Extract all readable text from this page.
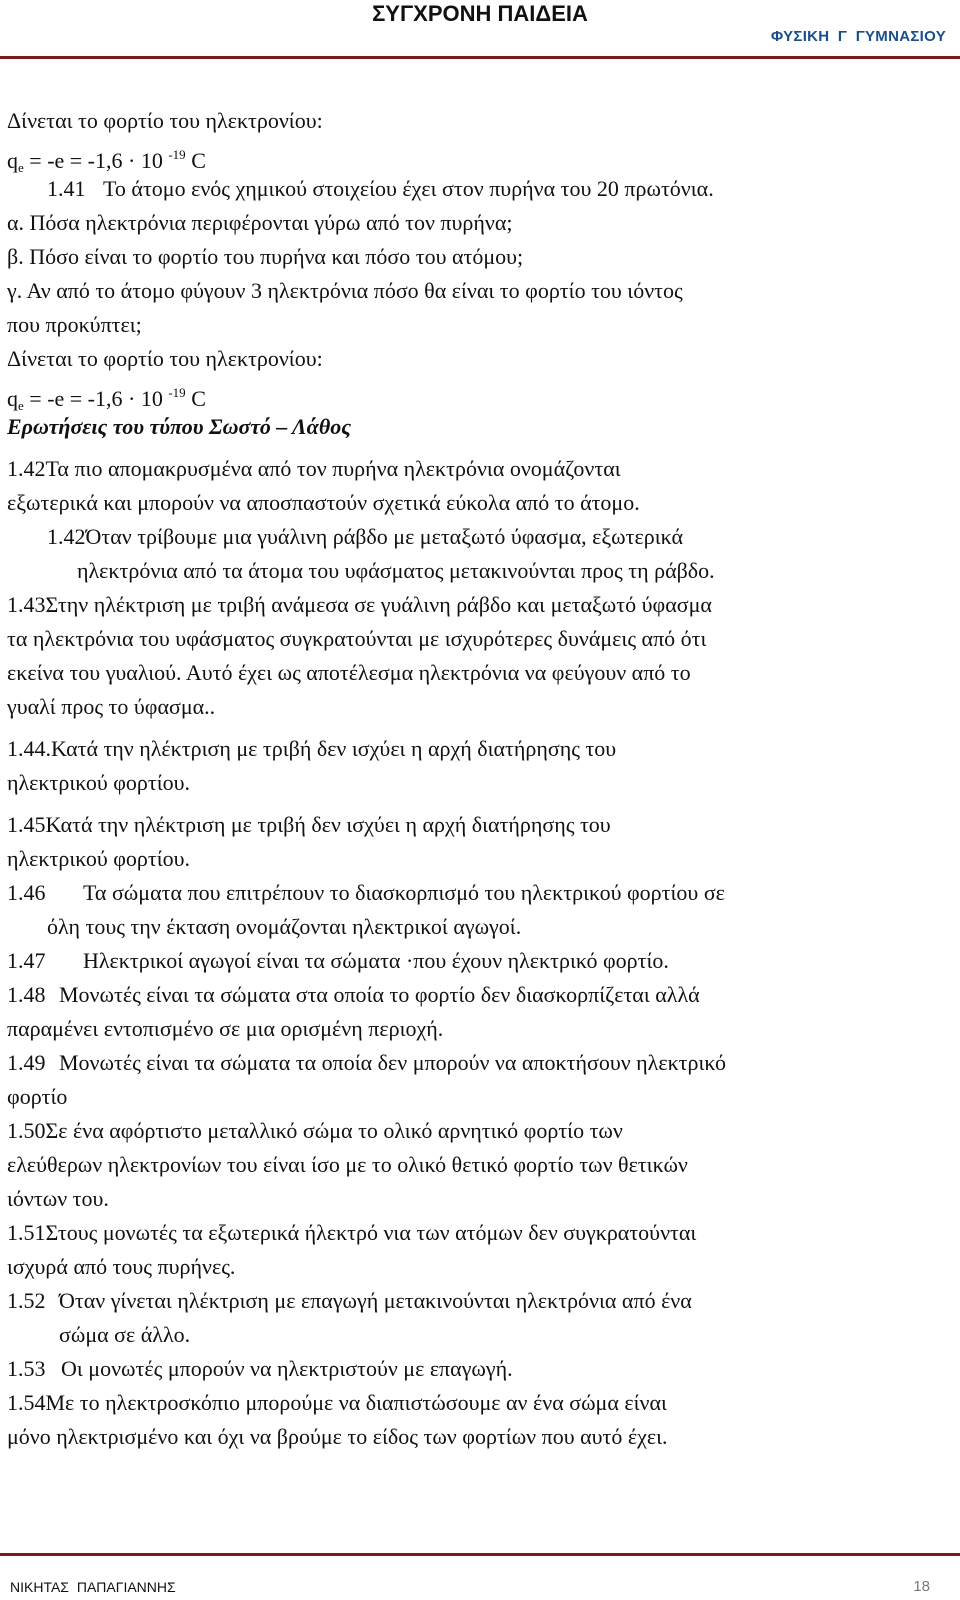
ΣΥΓΧΡΟΝΗ ΠΑΙΔΕΙΑ
ΦΥΣΙΚΗ Γ ΓΥΜΝΑΣΙΟΥ
Δίνεται το φορτίο του ηλεκτρονίου:
$q_e = -e = -1,6 \cdot 10$ $^{-19}$ C
1.41 Το άτομο ενός χημικού στοιχείου έχει στον πυρήνα του 20 πρωτόνια.
α. Πόσα ηλεκτρόνια περιφέρονται γύρω από τον πυρήνα;
β. Πόσο είναι το φορτίο του πυρήνα και πόσο του ατόμου;
γ. Αν από το άτομο φύγουν 3 ηλεκτρόνια πόσο θα είναι το φορτίο του ιόντος
που προκύπτει;
Δίνεται το φορτίο του ηλεκτρονίου:
$q_e = -e = -1,6 \cdot 10$ $^{-19}$ C
Ερωτήσεις του τύπου Σωστό – Λάθος
1.42Τα πιο απομακρυσμένα από τον πυρήνα ηλεκτρόνια ονομάζονται
εξωτερικά και μπορούν να αποσπαστούν σχετικά εύκολα από το άτομο.
1.42Όταν τρίβουμε μια γυάλινη ράβδο με μεταξωτό ύφασμα, εξωτερικά
ηλεκτρόνια από τα άτομα του υφάσματος μετακινούνται προς τη ράβδο.
1.43Στην ηλέκτριση με τριβή ανάμεσα σε γυάλινη ράβδο και μεταξωτό ύφασμα
τα ηλεκτρόνια του υφάσματος συγκρατούνται με ισχυρότερες δυνάμεις από ότι
εκείνα του γυαλιού. Αυτό έχει ως αποτέλεσμα ηλεκτρόνια να φεύγουν από το
γυαλί προς το ύφασμα..
1.44.Κατά την ηλέκτριση με τριβή δεν ισχύει η αρχή διατήρησης του
ηλεκτρικού φορτίου.
1.45Κατά την ηλέκτριση με τριβή δεν ισχύει η αρχή διατήρησης του
ηλεκτρικού φορτίου.
1.46 Τα σώματα που επιτρέπουν το διασκορπισμό του ηλεκτρικού φορτίου σε
όλη τους την έκταση ονομάζονται ηλεκτρικοί αγωγοί.
1.47 Ηλεκτρικοί αγωγοί είναι τα σώματα ·που έχουν ηλεκτρικό φορτίο.
1.48 Μονωτές είναι τα σώματα στα οποία το φορτίο δεν διασκορπίζεται αλλά
παραμένει εντοπισμένο σε μια ορισμένη περιοχή.
1.49 Μονωτές είναι τα σώματα τα οποία δεν μπορούν να αποκτήσουν ηλεκτρικό
φορτίο
1.50Σε ένα αφόρτιστο μεταλλικό σώμα το ολικό αρνητικό φορτίο των
ελεύθερων ηλεκτρονίων του είναι ίσο με το ολικό θετικό φορτίο των θετικών
ιόντων του.
1.51Στους μονωτές τα εξωτερικά ήλεκτρό νια των ατόμων δεν συγκρατούνται
ισχυρά από τους πυρήνες.
1.52 Όταν γίνεται ηλέκτριση με επαγωγή μετακινούνται ηλεκτρόνια από ένα
σώμα σε άλλο.
1.53 Οι μονωτές μπορούν να ηλεκτριστούν με επαγωγή.
1.54Με το ηλεκτροσκόπιο μπορούμε να διαπιστώσουμε αν ένα σώμα είναι
μόνο ηλεκτρισμένο και όχι να βρούμε το είδος των φορτίων που αυτό έχει.
ΝΙΚΗΤΑΣ ΠΑΠΑΓΙΑΝΝΗΣ	18
